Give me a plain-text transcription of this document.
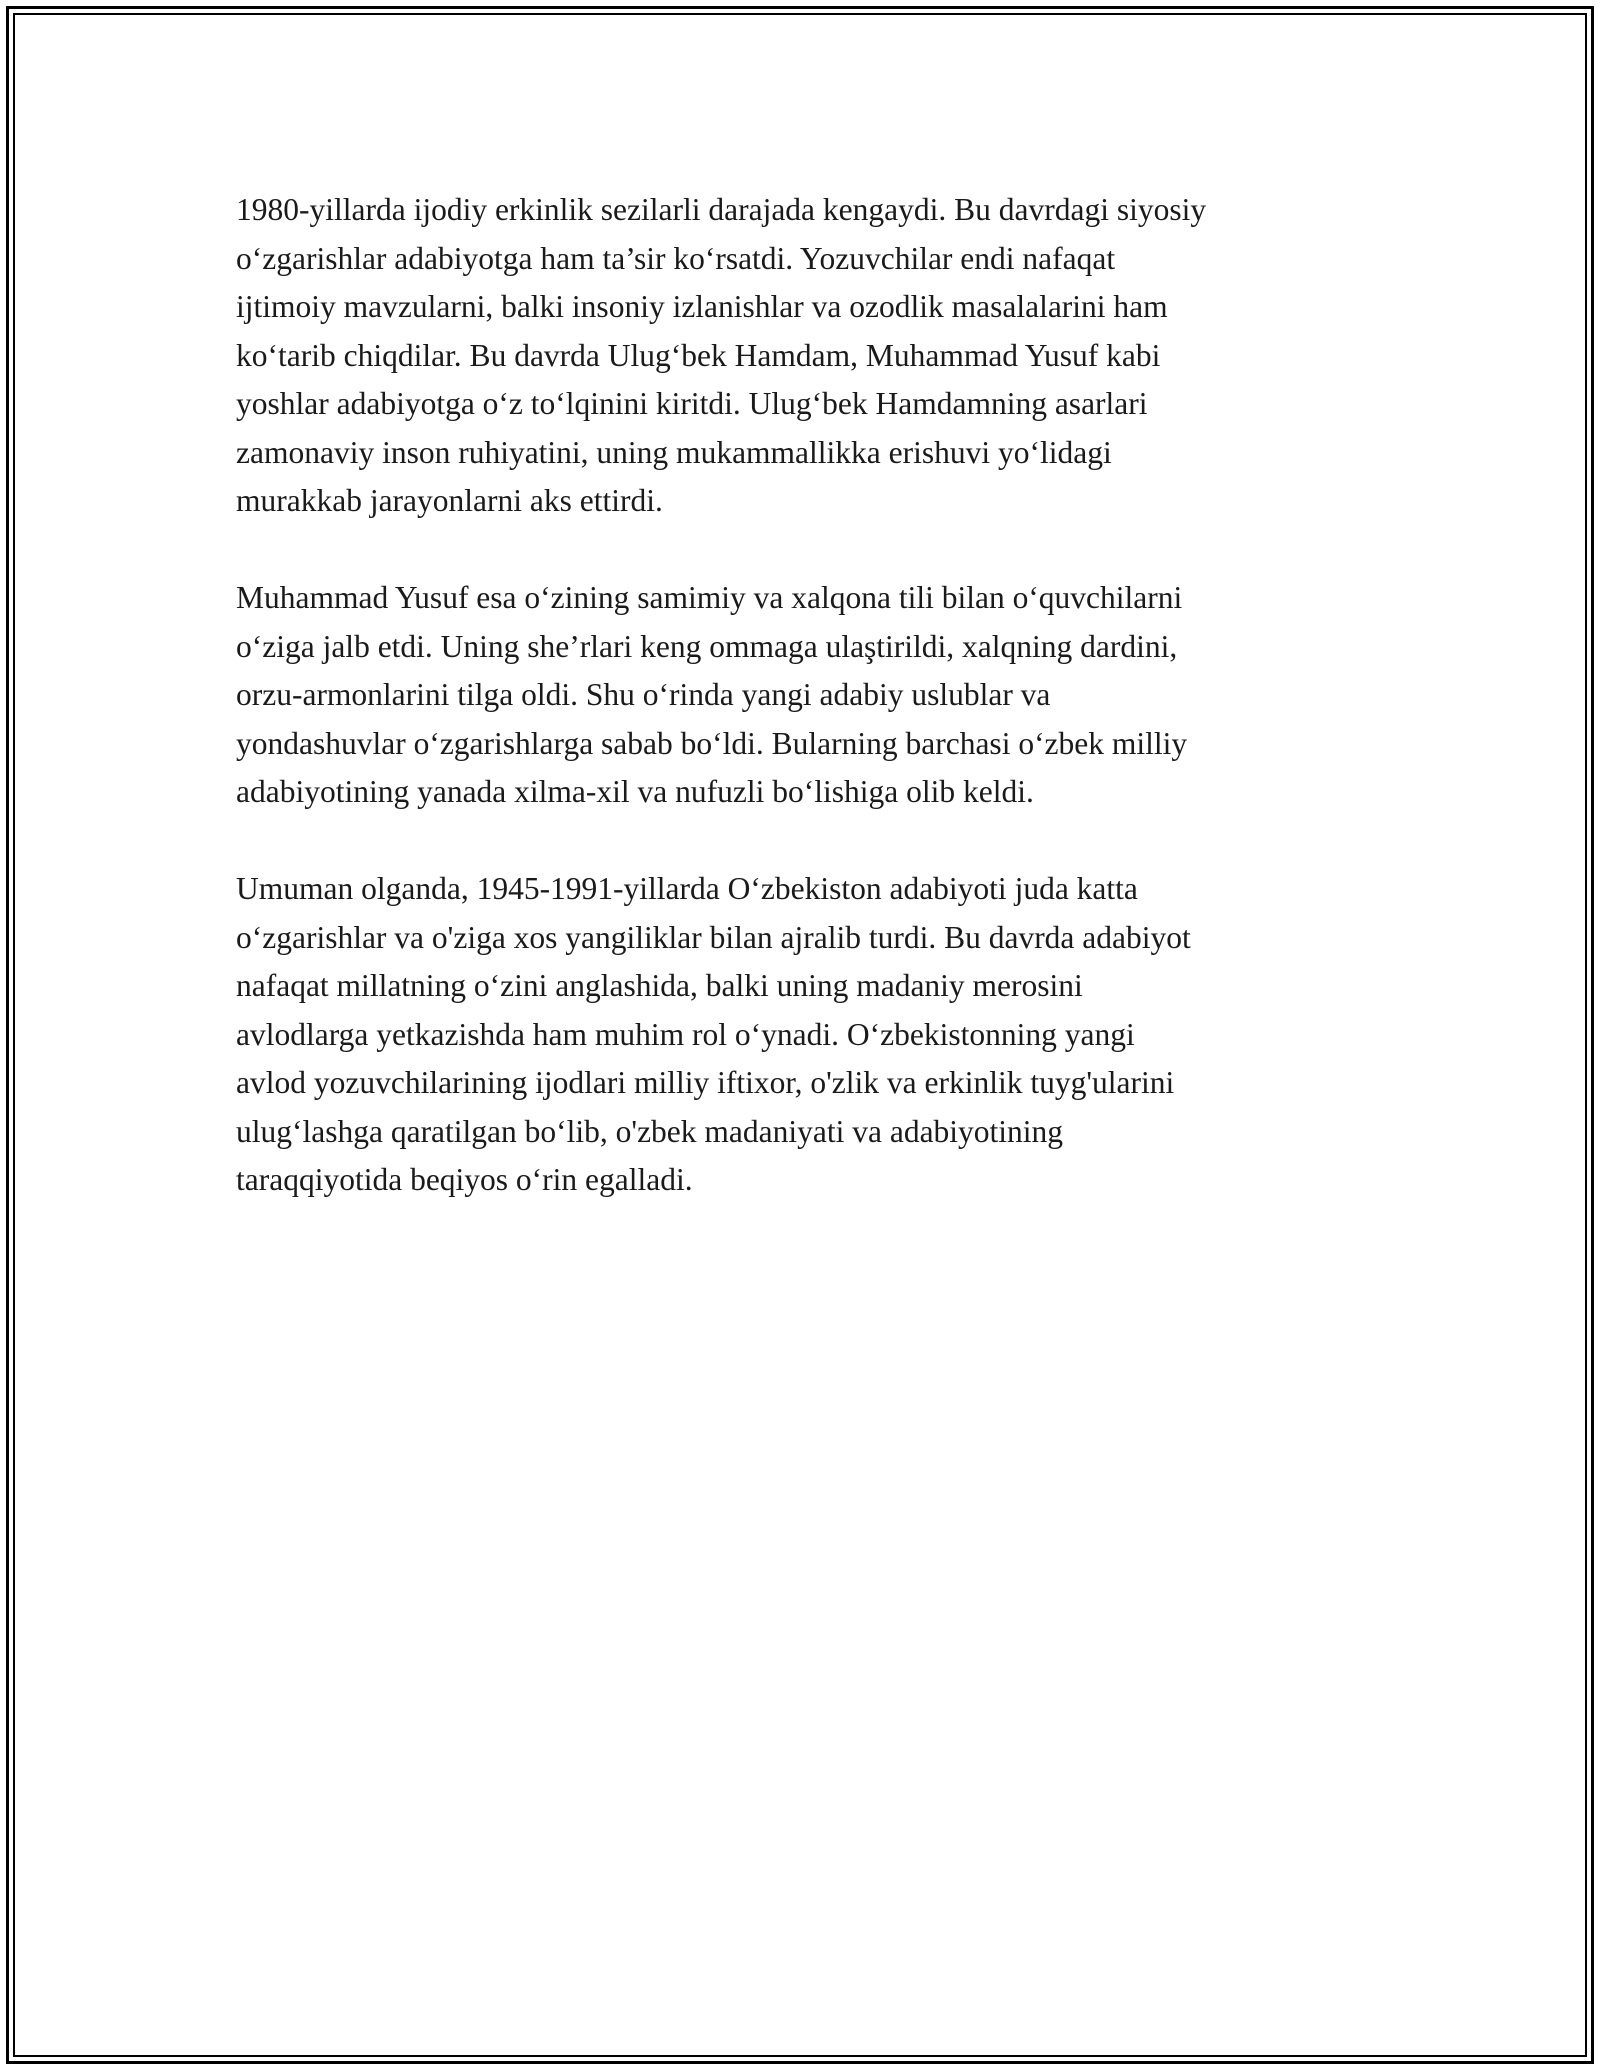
1980-yillarda ijodiy erkinlik sezilarli darajada kengaydi. Bu davrdagi siyosiy
o‘zgarishlar adabiyotga ham ta’sir ko‘rsatdi. Yozuvchilar endi nafaqat
ijtimoiy mavzularni, balki insoniy izlanishlar va ozodlik masalalarini ham
ko‘tarib chiqdilar. Bu davrda Ulug‘bek Hamdam, Muhammad Yusuf kabi
yoshlar adabiyotga o‘z to‘lqinini kiritdi. Ulug‘bek Hamdamning asarlari
zamonaviy inson ruhiyatini, uning mukammallikka erishuvi yo‘lidagi
murakkab jarayonlarni aks ettirdi.

Muhammad Yusuf esa o‘zining samimiy va xalqona tili bilan o‘quvchilarni
o‘ziga jalb etdi. Uning she’rlari keng ommaga ulaştirildi, xalqning dardini,
orzu-armonlarini tilga oldi. Shu o‘rinda yangi adabiy uslublar va
yondashuvlar o‘zgarishlarga sabab bo‘ldi. Bularning barchasi o‘zbek milliy
adabiyotining yanada xilma-xil va nufuzli bo‘lishiga olib keldi.

Umuman olganda, 1945-1991-yillarda O‘zbekiston adabiyoti juda katta
o‘zgarishlar va o'ziga xos yangiliklar bilan ajralib turdi. Bu davrda adabiyot
nafaqat millatning o‘zini anglashida, balki uning madaniy merosini
avlodlarga yetkazishda ham muhim rol o‘ynadi. O‘zbekistonning yangi
avlod yozuvchilarining ijodlari milliy iftixor, o'zlik va erkinlik tuyg'ularini
ulug‘lashga qaratilgan bo‘lib, o'zbek madaniyati va adabiyotining
taraqqiyotida beqiyos o‘rin egalladi.
